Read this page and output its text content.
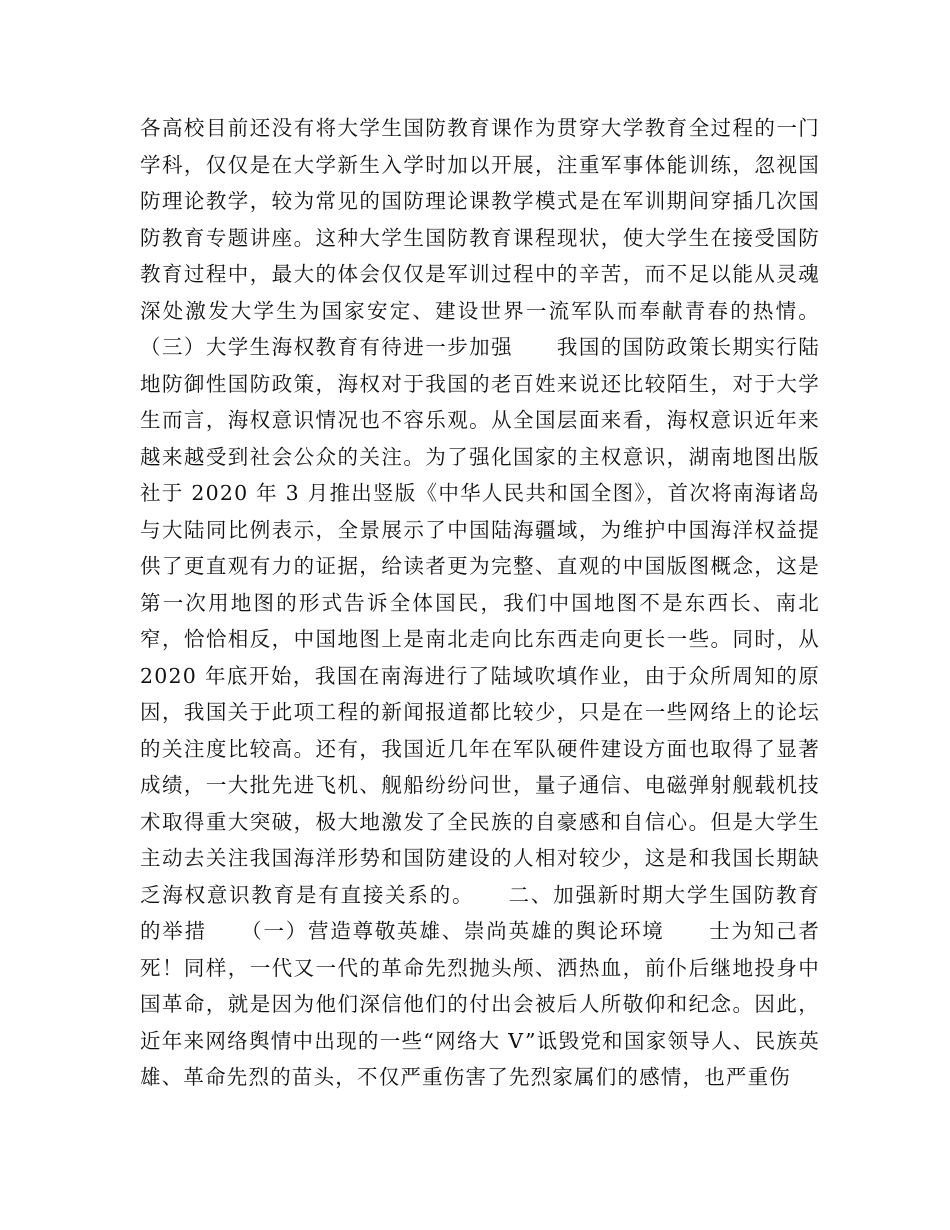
各高校目前还没有将大学生国防教育课作为贯穿大学教育全过程的一门学科，仅仅是在大学新生入学时加以开展，注重军事体能训练，忽视国防理论教学，较为常见的国防理论课教学模式是在军训期间穿插几次国防教育专题讲座。这种大学生国防教育课程现状，使大学生在接受国防教育过程中，最大的体会仅仅是军训过程中的辛苦，而不足以能从灵魂深处激发大学生为国家安定、建设世界一流军队而奉献青春的热情。（三）大学生海权教育有待进一步加强　　我国的国防政策长期实行陆地防御性国防政策，海权对于我国的老百姓来说还比较陌生，对于大学生而言，海权意识情况也不容乐观。从全国层面来看，海权意识近年来越来越受到社会公众的关注。为了强化国家的主权意识，湖南地图出版社于 2020 年 3 月推出竖版《中华人民共和国全图》，首次将南海诸岛与大陆同比例表示，全景展示了中国陆海疆域，为维护中国海洋权益提供了更直观有力的证据，给读者更为完整、直观的中国版图概念，这是第一次用地图的形式告诉全体国民，我们中国地图不是东西长、南北窄，恰恰相反，中国地图上是南北走向比东西走向更长一些。同时，从2020 年底开始，我国在南海进行了陆域吹填作业，由于众所周知的原因，我国关于此项工程的新闻报道都比较少，只是在一些网络上的论坛的关注度比较高。还有，我国近几年在军队硬件建设方面也取得了显著成绩，一大批先进飞机、舰船纷纷问世，量子通信、电磁弹射舰载机技术取得重大突破，极大地激发了全民族的自豪感和自信心。但是大学生主动去关注我国海洋形势和国防建设的人相对较少，这是和我国长期缺乏海权意识教育是有直接关系的。　　二、加强新时期大学生国防教育的举措　　（一）营造尊敬英雄、崇尚英雄的舆论环境　　士为知己者死！同样，一代又一代的革命先烈抛头颅、洒热血，前仆后继地投身中国革命，就是因为他们深信他们的付出会被后人所敬仰和纪念。因此，近年来网络舆情中出现的一些“网络大 V”诋毁党和国家领导人、民族英雄、革命先烈的苗头，不仅严重伤害了先烈家属们的感情，也严重伤
